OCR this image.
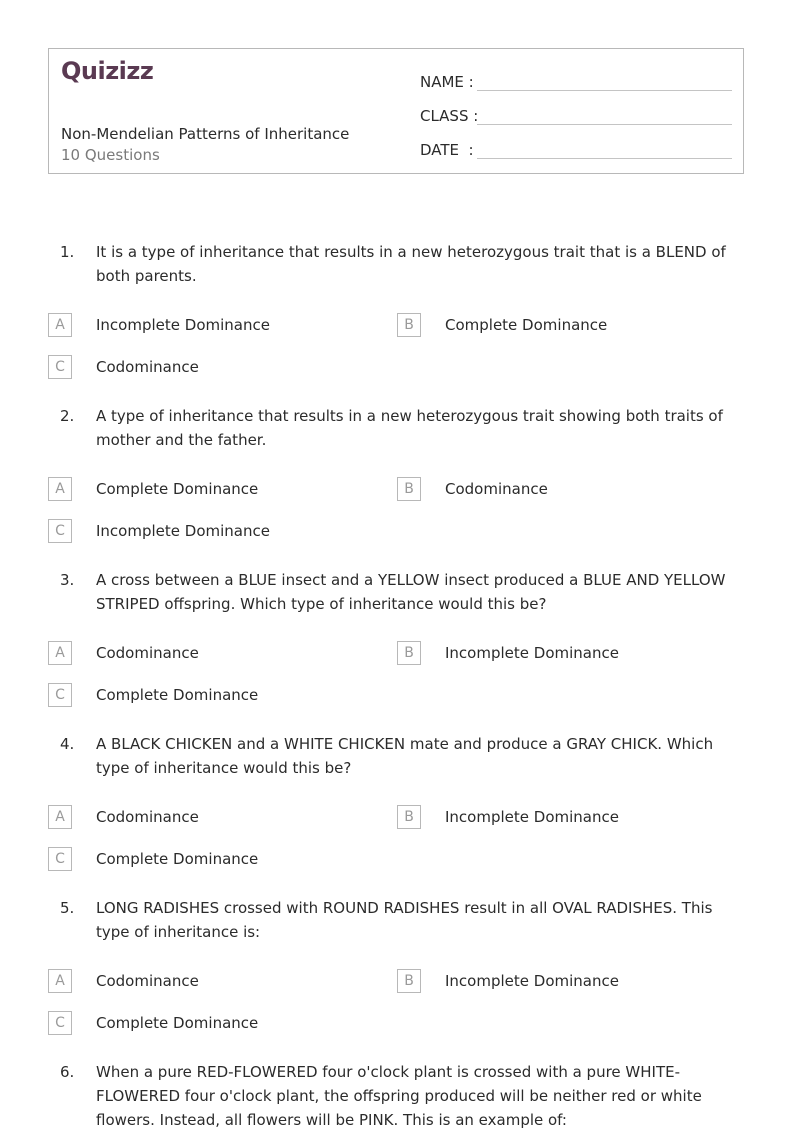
Quizizz
Non-Mendelian Patterns of Inheritance
10 Questions
NAME :
CLASS :
DATE  :
1. It is a type of inheritance that results in a new heterozygous trait that is a BLEND of both parents.
A	Incomplete Dominance	B	Complete Dominance
C	Codominance
2. A type of inheritance that results in a new heterozygous trait showing both traits of mother and the father.
A	Complete Dominance	B	Codominance
C	Incomplete Dominance
3. A cross between a BLUE insect and a YELLOW insect produced a BLUE AND YELLOW STRIPED offspring. Which type of inheritance would this be?
A	Codominance	B	Incomplete Dominance
C	Complete Dominance
4. A BLACK CHICKEN and a WHITE CHICKEN mate and produce a GRAY CHICK. Which type of inheritance would this be?
A	Codominance	B	Incomplete Dominance
C	Complete Dominance
5. LONG RADISHES crossed with ROUND RADISHES result in all OVAL RADISHES. This type of inheritance is:
A	Codominance	B	Incomplete Dominance
C	Complete Dominance
6. When a pure RED-FLOWERED four o'clock plant is crossed with a pure WHITE-FLOWERED four o'clock plant, the offspring produced will be neither red or white flowers. Instead, all flowers will be PINK. This is an example of:
